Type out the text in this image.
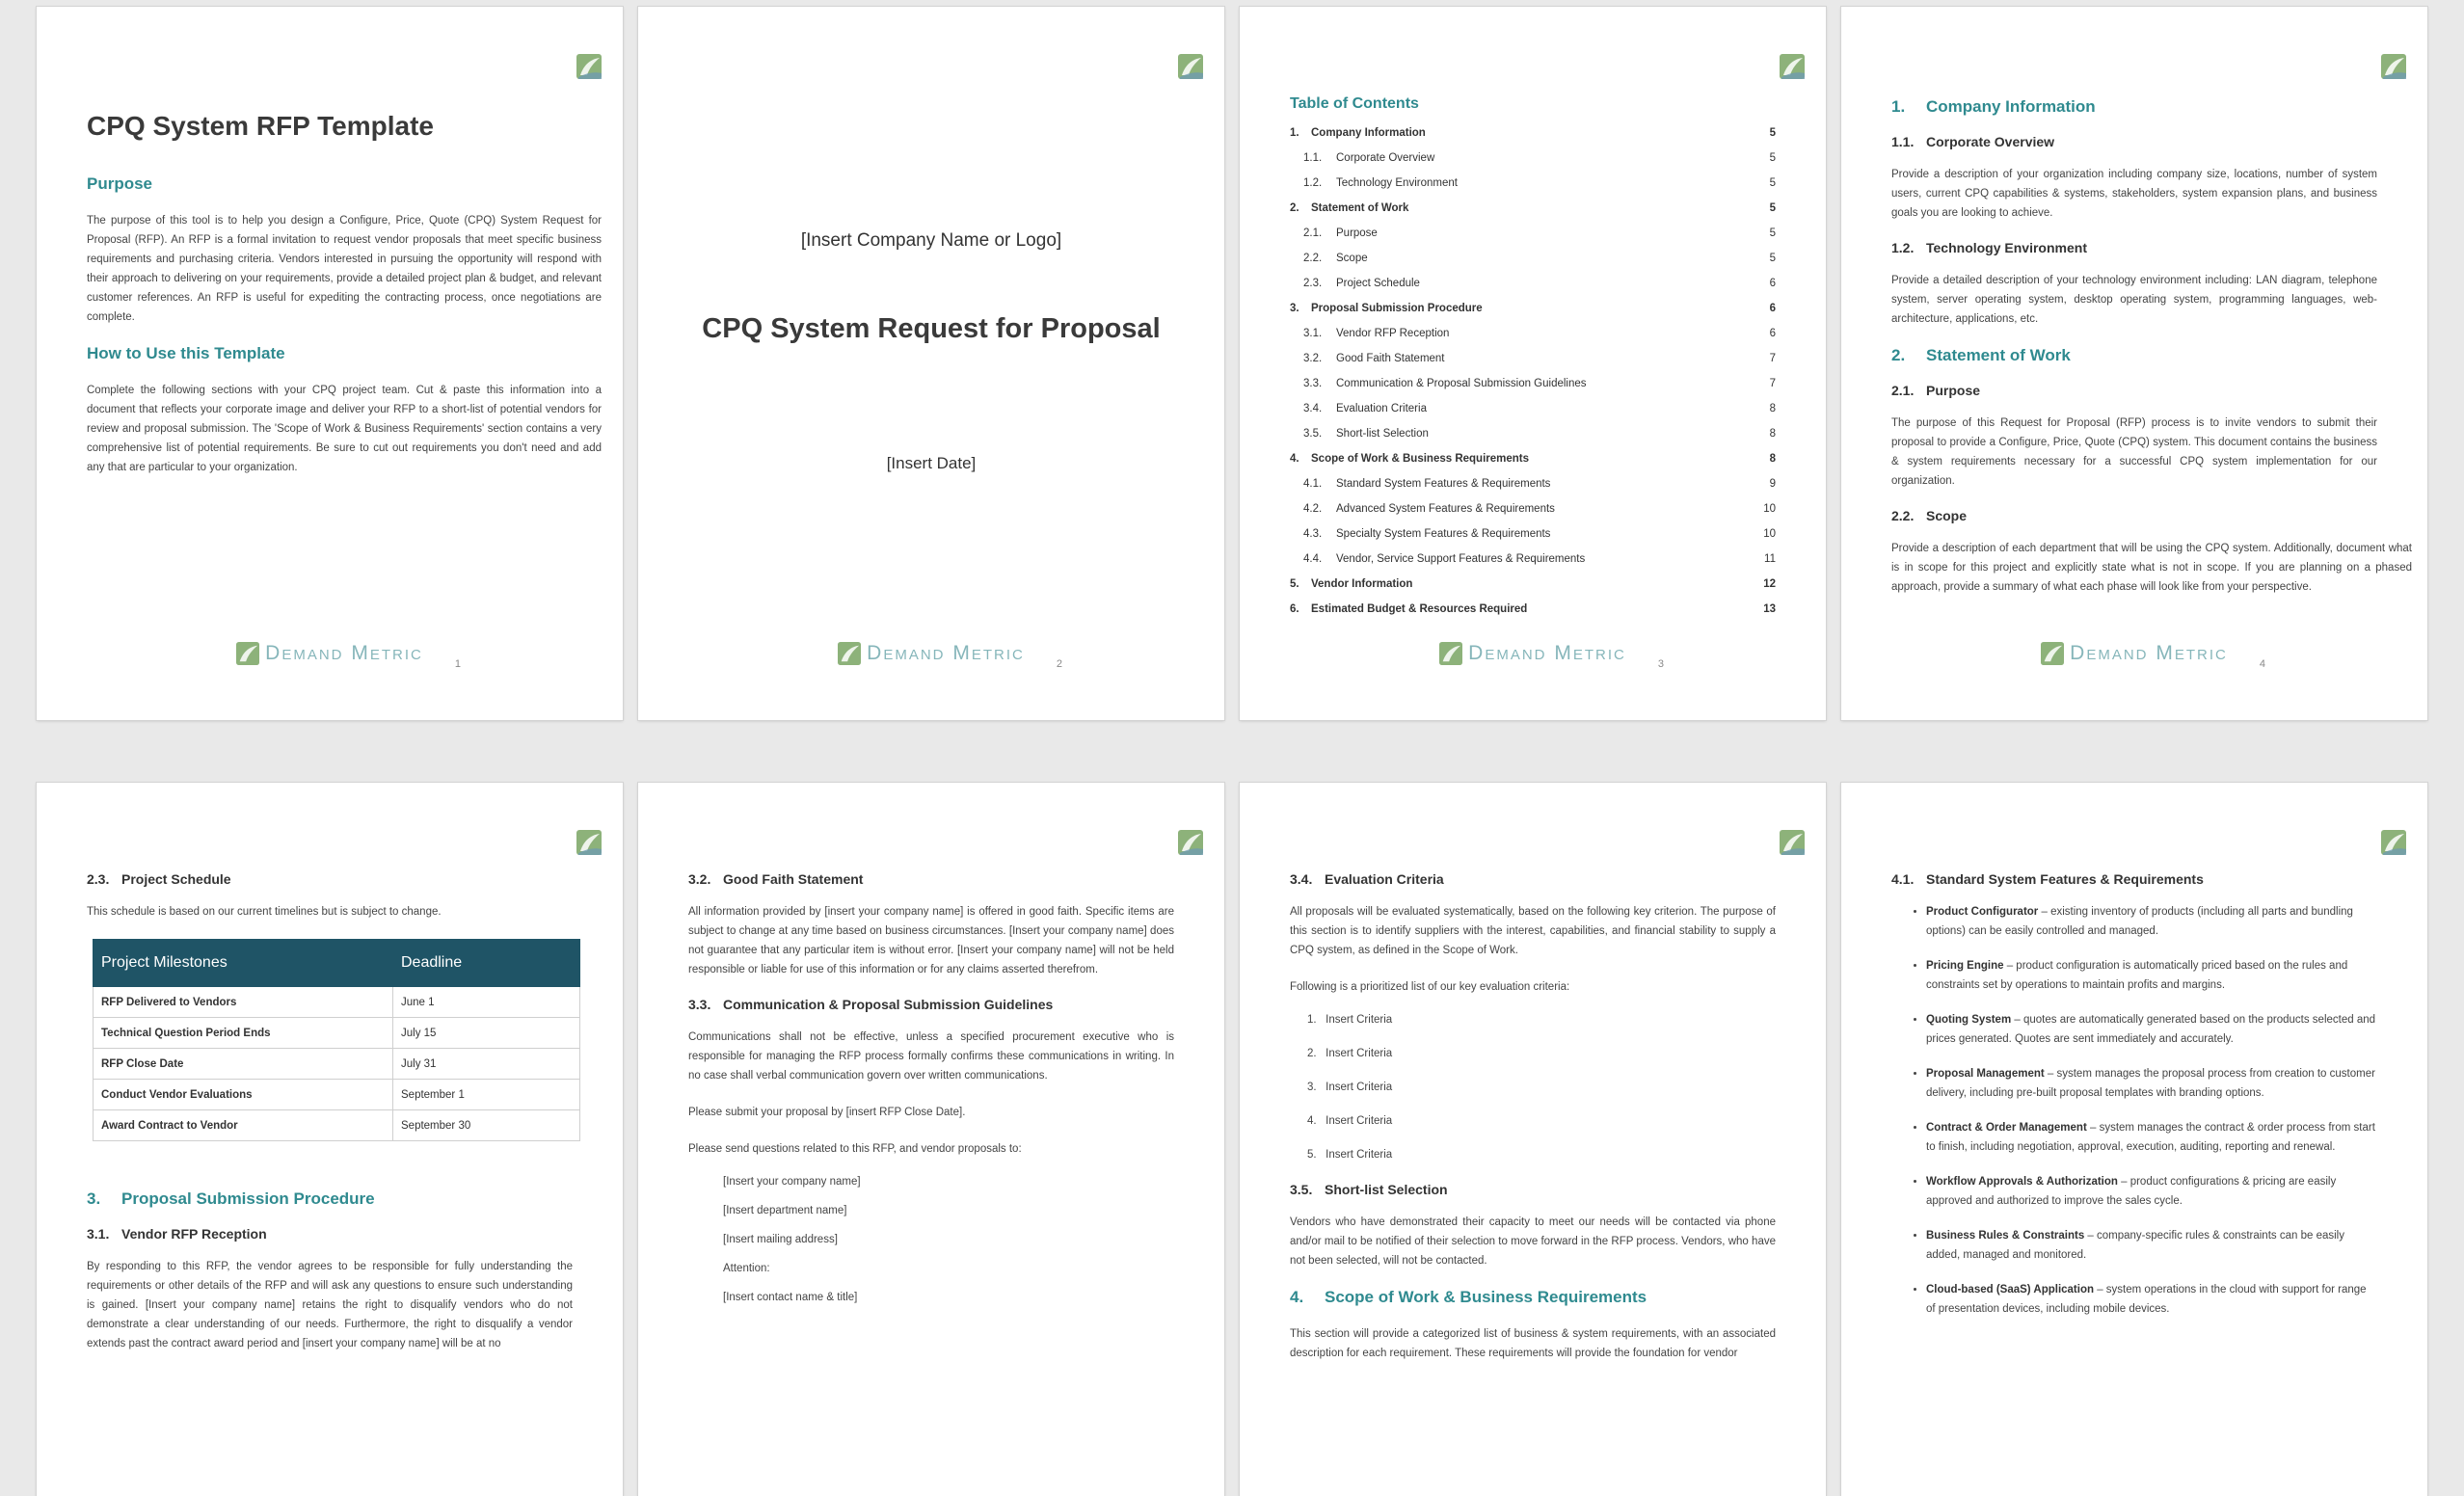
CPQ System RFP Template
Purpose

The purpose of this tool is to help you design a Configure, Price, Quote (CPQ) System Request for Proposal (RFP). An RFP is a formal invitation to request vendor proposals that meet specific business requirements and purchasing criteria. Vendors interested in pursuing the opportunity will respond with their approach to delivering on your requirements, provide a detailed project plan & budget, and relevant customer references. An RFP is useful for expediting the contracting process, once negotiations are complete.

How to Use this Template

Complete the following sections with your CPQ project team. Cut & paste this information into a document that reflects your corporate image and deliver your RFP to a short-list of potential vendors for review and proposal submission. The 'Scope of Work & Business Requirements' section contains a very comprehensive list of potential requirements. Be sure to cut out requirements you don't need and add any that are particular to your organization.

Demand Metric	1
[Insert Company Name or Logo]
CPQ System Request for Proposal
[Insert Date]
Demand Metric	2
Table of Contents
1.	Company Information	5
1.1.	Corporate Overview	5
1.2.	Technology Environment	5
2.	Statement of Work	5
2.1.	Purpose	5
2.2.	Scope	5
2.3.	Project Schedule	6
3.	Proposal Submission Procedure	6
3.1.	Vendor RFP Reception	6
3.2.	Good Faith Statement	7
3.3.	Communication & Proposal Submission Guidelines	7
3.4.	Evaluation Criteria	8
3.5.	Short-list Selection	8
4.	Scope of Work & Business Requirements	8
4.1.	Standard System Features & Requirements	9
4.2.	Advanced System Features & Requirements	10
4.3.	Specialty System Features & Requirements	10
4.4.	Vendor, Service Support Features & Requirements	11
5.	Vendor Information	12
6.	Estimated Budget & Resources Required	13
Demand Metric	3
1. Company Information
1.1. Corporate Overview

Provide a description of your organization including company size, locations, number of system users, current CPQ capabilities & systems, stakeholders, system expansion plans, and business goals you are looking to achieve.

1.2. Technology Environment

Provide a detailed description of your technology environment including: LAN diagram, telephone system, server operating system, desktop operating system, programming languages, web-architecture, applications, etc.

2. Statement of Work
2.1. Purpose

The purpose of this Request for Proposal (RFP) process is to invite vendors to submit their proposal to provide a Configure, Price, Quote (CPQ) system. This document contains the business & system requirements necessary for a successful CPQ system implementation for our organization.

2.2. Scope

Provide a description of each department that will be using the CPQ system. Additionally, document what is in scope for this project and explicitly state what is not in scope. If you are planning on a phased approach, provide a summary of what each phase will look like from your perspective.

Demand Metric	4
2.3. Project Schedule

This schedule is based on our current timelines but is subject to change.

Project Milestones	Deadline
RFP Delivered to Vendors	June 1
Technical Question Period Ends	July 15
RFP Close Date	July 31
Conduct Vendor Evaluations	September 1
Award Contract to Vendor	September 30
3. Proposal Submission Procedure
3.1. Vendor RFP Reception

By responding to this RFP, the vendor agrees to be responsible for fully understanding the requirements or other details of the RFP and will ask any questions to ensure such understanding is gained. [Insert your company name] retains the right to disqualify vendors who do not demonstrate a clear understanding of our needs. Furthermore, the right to disqualify a vendor extends past the contract award period and [insert your company name] will be at no

3.2. Good Faith Statement

All information provided by [insert your company name] is offered in good faith. Specific items are subject to change at any time based on business circumstances. [Insert your company name] does not guarantee that any particular item is without error. [Insert your company name] will not be held responsible or liable for use of this information or for any claims asserted therefrom.

3.3. Communication & Proposal Submission Guidelines

Communications shall not be effective, unless a specified procurement executive who is responsible for managing the RFP process formally confirms these communications in writing. In no case shall verbal communication govern over written communications.

Please submit your proposal by [insert RFP Close Date].

Please send questions related to this RFP, and vendor proposals to:

[Insert your company name]
[Insert department name]
[Insert mailing address]
Attention:
[Insert contact name & title]
3.4. Evaluation Criteria

All proposals will be evaluated systematically, based on the following key criterion. The purpose of this section is to identify suppliers with the interest, capabilities, and financial stability to supply a CPQ system, as defined in the Scope of Work.

Following is a prioritized list of our key evaluation criteria:

1.   Insert Criteria
2.   Insert Criteria
3.   Insert Criteria
4.   Insert Criteria
5.   Insert Criteria
3.5. Short-list Selection

Vendors who have demonstrated their capacity to meet our needs will be contacted via phone and/or mail to be notified of their selection to move forward in the RFP process. Vendors, who have not been selected, will not be contacted.

4. Scope of Work & Business Requirements

This section will provide a categorized list of business & system requirements, with an associated description for each requirement. These requirements will provide the foundation for vendor

4.1. Standard System Features & Requirements
• Product Configurator – existing inventory of products (including all parts and bundling options) can be easily controlled and managed.
• Pricing Engine – product configuration is automatically priced based on the rules and constraints set by operations to maintain profits and margins.
• Quoting System – quotes are automatically generated based on the products selected and prices generated. Quotes are sent immediately and accurately.
• Proposal Management – system manages the proposal process from creation to customer delivery, including pre-built proposal templates with branding options.
• Contract & Order Management – system manages the contract & order process from start to finish, including negotiation, approval, execution, auditing, reporting and renewal.
• Workflow Approvals & Authorization – product configurations & pricing are easily approved and authorized to improve the sales cycle.
• Business Rules & Constraints – company-specific rules & constraints can be easily added, managed and monitored.
• Cloud-based (SaaS) Application – system operations in the cloud with support for range of presentation devices, including mobile devices.
